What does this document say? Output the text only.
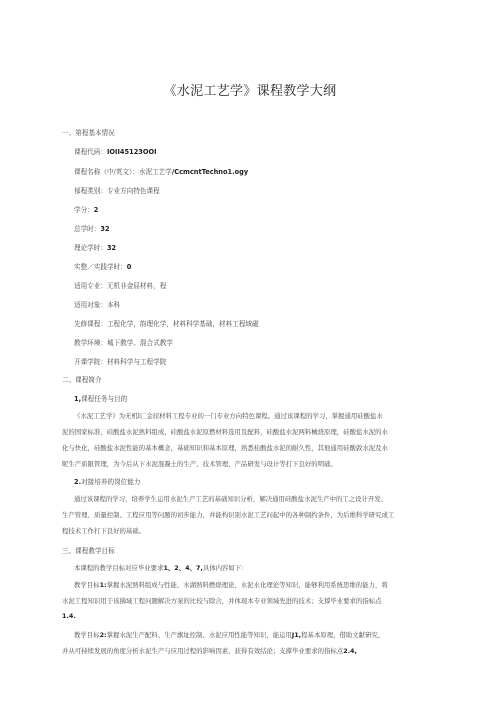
《水泥工艺学》课程教学大纲
一、第程基本情况
课程代码：IOII45123OOI
课程名称（中/英文）：水泥工艺学/CcmcntTechno1.ogy
郁程类别：专业方向特色课程
学分：2
总学时：32
理论学时：32
实整／实践学时：0
适用专业：无机非金屈材料，程
适用对象：本科
先修课程：工程化学，韵理化学，材料科学基础，材料工程域磁
教学环境：城下教学、混合式教学
开课学院：材料科学与工程学院
二、课程简介
1,课程任务与目的
《水泥工艺学》为无机l匚金屈材料工程专业的一门专业方向特色课程。通过该课程的学习，掌握通用硅酸盐水
泥的国家标准，硅酸盐水泥熟料组成，硅酸盐水泥原燃材料选用及配料，硅酸盐水泥两料械烧原理，硅酸盐水泥的水
化与快化，硅酸盐水泥性能的基本概念，基础知识和基本原理，熟悉桂酸盐水泥的耐久性，其他通用硅酸敦水泥及水
昵生产质限管理，为今后从下水泥混凝土的生产、技术管理、产品研发与设计等打下良好的明础。
2.对接培养的岗位能力
通过该课程的学习，培养学生运用水泥生产工艺的基础知识分析，解决通用硅酸盐水泥生产中的工之设计开发、
生产管理、质量控制、工程应用等问题的初步能力，并能构识别水泥工艺问起中的各种制约条件，为后维科学研究或工
程技术工作打下良好的基础。
三、课程教学目标
本课程的教学目标对应毕业要求1、2、4、7,具体内容如下：
教学目标1:掌握水泥熟料组成与性能、水湖熟料燃烧理论、水泥水化理论等知识，能够利用系统思维的能力，将
水泥工程知识用于该摘域工程问题解决方案的比较与除合，并体现本专业领域先进的技术；支撑毕业要求的指标点
1.4.
教学目标2:掌握水泥生产配料、生产旗址控制、水泥应用性能等知识，能运用J1,程基本原理，借助文献研究，
并从可持续发展的角度分析水泥生产与应用过程的影响因素，获得有效结论；支撑毕业要求的指标点2.4,
